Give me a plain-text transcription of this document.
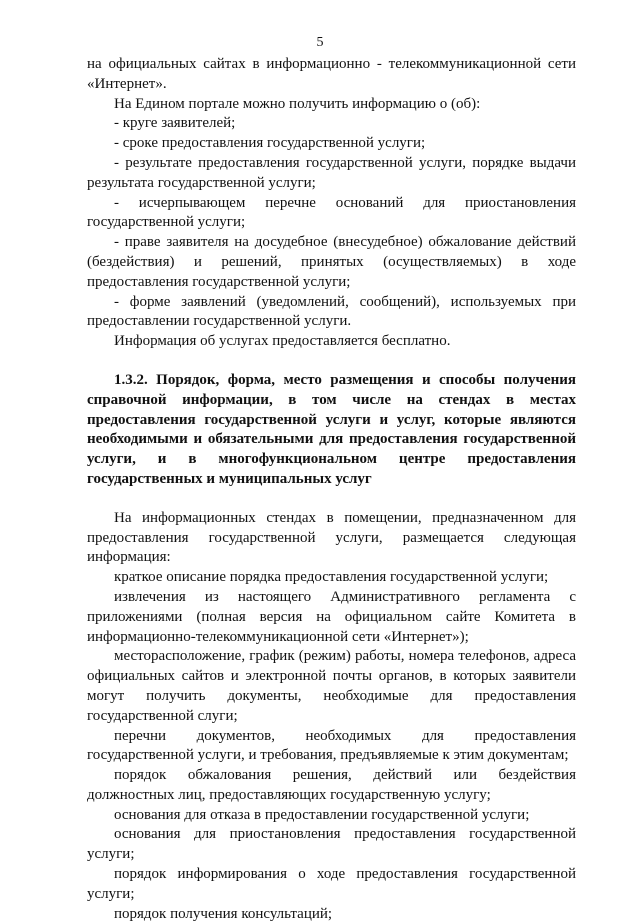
5

на официальных сайтах в информационно - телекоммуникационной сети «Интернет».

На Едином портале можно получить информацию о (об):

- круге заявителей;

- сроке предоставления государственной услуги;

- результате предоставления государственной услуги, порядке выдачи результата государственной услуги;

- исчерпывающем перечне оснований для приостановления государственной услуги;

- праве заявителя на досудебное (внесудебное) обжалование действий (бездействия) и решений, принятых (осуществляемых) в ходе предоставления государственной услуги;

- форме заявлений (уведомлений, сообщений), используемых при предоставлении государственной услуги.

Информация об услугах предоставляется бесплатно.

1.3.2. Порядок, форма, место размещения и способы получения справочной информации, в том числе на стендах в местах предоставления государственной услуги и услуг, которые являются необходимыми и обязательными для предоставления государственной услуги, и в многофункциональном центре предоставления государственных и муниципальных услуг

На информационных стендах в помещении, предназначенном для предоставления государственной услуги, размещается следующая информация:

краткое описание порядка предоставления государственной услуги;

извлечения из настоящего Административного регламента с приложениями (полная версия на официальном сайте Комитета в информационно-телекоммуникационной сети «Интернет»);

месторасположение, график (режим) работы, номера телефонов, адреса официальных сайтов и электронной почты органов, в которых заявители могут получить документы, необходимые для предоставления государственной слуги;

перечни документов, необходимых для предоставления государственной услуги, и требования, предъявляемые к этим документам;

порядок обжалования решения, действий или бездействия должностных лиц, предоставляющих государственную услугу;

основания для отказа в предоставлении государственной услуги;

основания для приостановления предоставления государственной услуги;

порядок информирования о ходе предоставления государственной услуги;

порядок получения консультаций;
